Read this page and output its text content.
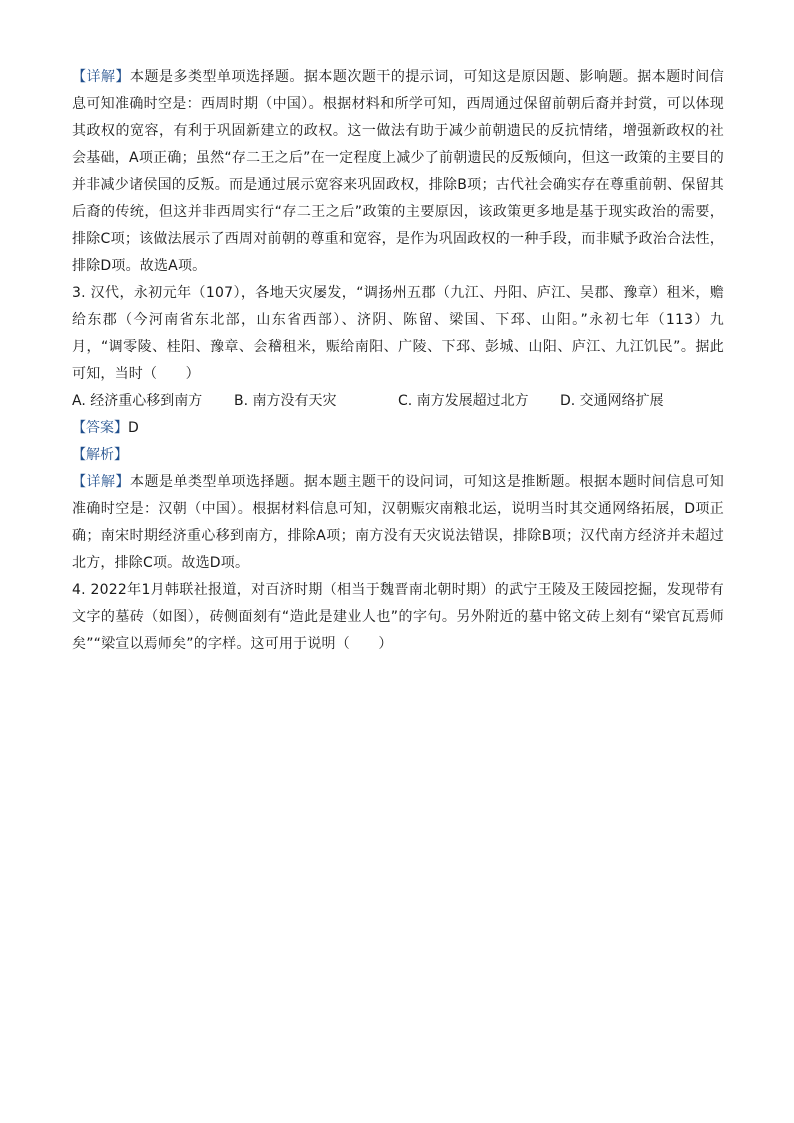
【详解】本题是多类型单项选择题。据本题次题干的提示词，可知这是原因题、影响题。据本题时间信息可知准确时空是：西周时期（中国）。根据材料和所学可知，西周通过保留前朝后裔并封赏，可以体现其政权的宽容，有利于巩固新建立的政权。这一做法有助于减少前朝遗民的反抗情绪，增强新政权的社会基础，A项正确；虽然“存二王之后”在一定程度上减少了前朝遗民的反叛倾向，但这一政策的主要目的并非减少诸侯国的反叛。而是通过展示宽容来巩固政权，排除B项；古代社会确实存在尊重前朝、保留其后裔的传统，但这并非西周实行“存二王之后”政策的主要原因，该政策更多地是基于现实政治的需要，排除C项；该做法展示了西周对前朝的尊重和宽容，是作为巩固政权的一种手段，而非赋予政治合法性，排除D项。故选A项。

3. 汉代，永初元年（107），各地天灾屡发，“调扬州五郡（九江、丹阳、庐江、吴郡、豫章）租米，赡给东郡（今河南省东北部，山东省西部）、济阴、陈留、梁国、下邳、山阳。”永初七年（113）九月，“调零陵、桂阳、豫章、会稽租米，赈给南阳、广陵、下邳、彭城、山阳、庐江、九江饥民”。据此可知，当时（　　）

A. 经济重心移到南方	B. 南方没有天灾	C. 南方发展超过北方	D. 交通网络扩展

【答案】D

【解析】

【详解】本题是单类型单项选择题。据本题主题干的设问词，可知这是推断题。根据本题时间信息可知准确时空是：汉朝（中国）。根据材料信息可知，汉朝赈灾南粮北运，说明当时其交通网络拓展，D项正确；南宋时期经济重心移到南方，排除A项；南方没有天灾说法错误，排除B项；汉代南方经济并未超过北方，排除C项。故选D项。

4. 2022年1月韩联社报道，对百济时期（相当于魏晋南北朝时期）的武宁王陵及王陵园挖掘，发现带有文字的墓砖（如图），砖侧面刻有“造此是建业人也”的字句。另外附近的墓中铭文砖上刻有“梁官瓦焉师矣”“梁宣以焉师矣”的字样。这可用于说明（　　）
